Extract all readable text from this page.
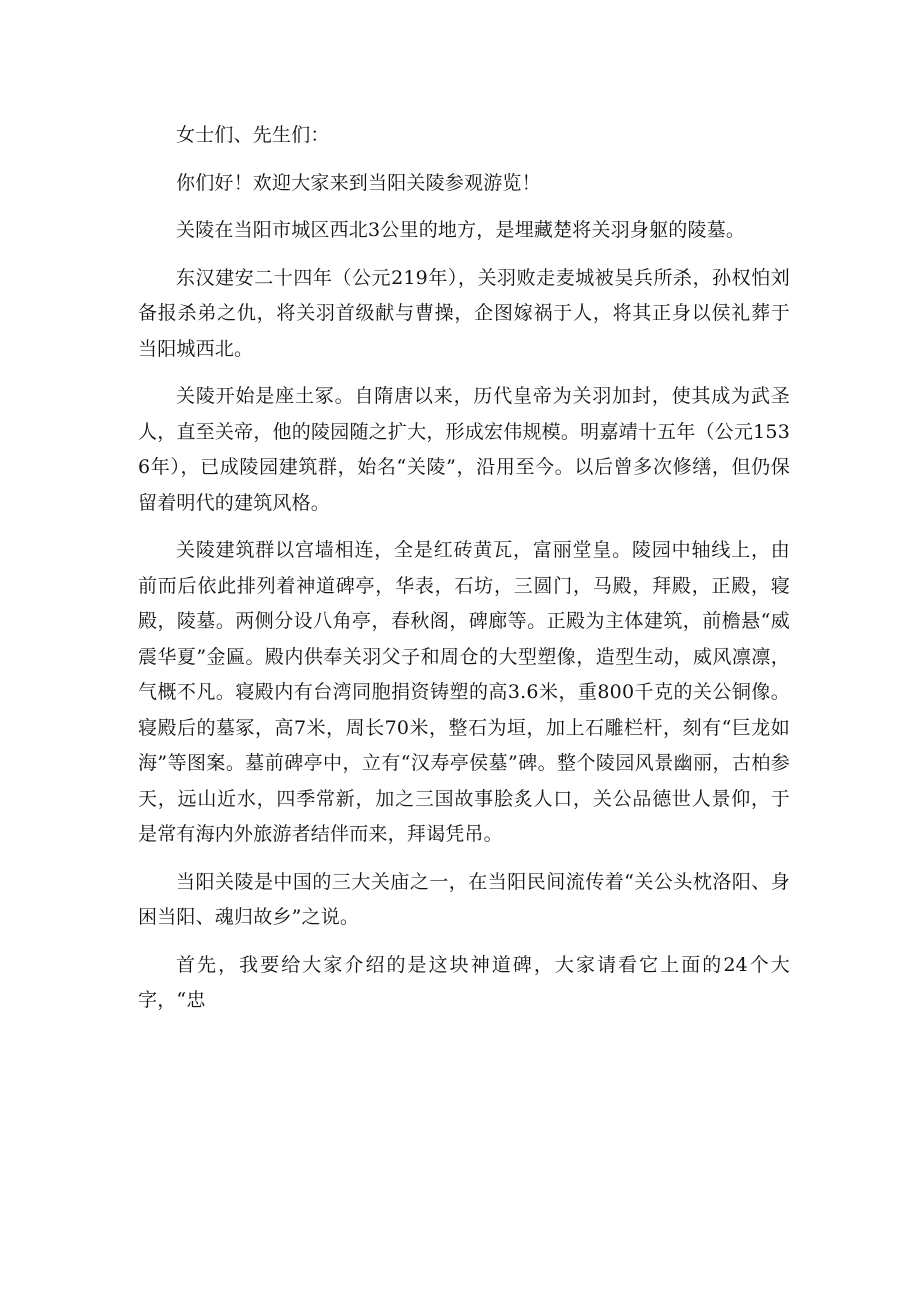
女士们、先生们：

你们好！欢迎大家来到当阳关陵参观游览！

关陵在当阳市城区西北3公里的地方，是埋藏楚将关羽身躯的陵墓。

东汉建安二十四年（公元219年），关羽败走麦城被吴兵所杀，孙权怕刘备报杀弟之仇，将关羽首级献与曹操，企图嫁祸于人，将其正身以侯礼葬于当阳城西北。

关陵开始是座土冢。自隋唐以来，历代皇帝为关羽加封，使其成为武圣人，直至关帝，他的陵园随之扩大，形成宏伟规模。明嘉靖十五年（公元1536年），已成陵园建筑群，始名“关陵”，沿用至今。以后曾多次修缮，但仍保留着明代的建筑风格。

关陵建筑群以宫墙相连，全是红砖黄瓦，富丽堂皇。陵园中轴线上，由前而后依此排列着神道碑亭，华表，石坊，三圆门，马殿，拜殿，正殿，寝殿，陵墓。两侧分设八角亭，春秋阁，碑廊等。正殿为主体建筑，前檐悬“威震华夏”金匾。殿内供奉关羽父子和周仓的大型塑像，造型生动，威风凛凛，气概不凡。寝殿内有台湾同胞捐资铸塑的高3.6米，重800千克的关公铜像。寝殿后的墓冢，高7米，周长70米，整石为垣，加上石雕栏杆，刻有“巨龙如海”等图案。墓前碑亭中，立有“汉寿亭侯墓”碑。整个陵园风景幽丽，古柏参天，远山近水，四季常新，加之三国故事脍炙人口，关公品德世人景仰，于是常有海内外旅游者结伴而来，拜谒凭吊。

当阳关陵是中国的三大关庙之一，在当阳民间流传着“关公头枕洛阳、身困当阳、魂归故乡”之说。

首先，我要给大家介绍的是这块神道碑，大家请看它上面的24个大字，“忠
